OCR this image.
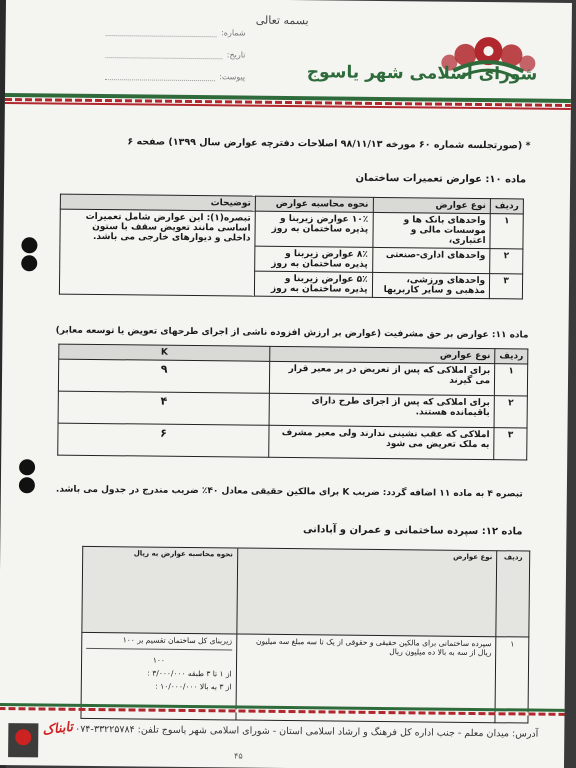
شورای اسلامی شهر یاسوج
بسمه تعالی
شماره:
تاریخ:
پیوست:
* (صورتجلسه شماره ۶۰ مورخه ۹۸/۱۱/۱۳ اصلاحات دفترچه عوارض سال ۱۳۹۹) صفحه ۶
ماده ۱۰: عوارض تعمیرات ساختمان
ردیف	نوع عوارض	نحوه محاسبه عوارض	توضیحات
۱	واحدهای بانک ها و موسسات مالی و اعتباری،	۱۰٪ عوارض زیربنا و پذیره ساختمان به روز	تبصره(۱): این عوارض شامل تعمیرات اساسی مانند تعویض سقف با ستون داخلی و دیوارهای خارجی می باشد.
۲	واحدهای اداری-صنعتی	۸٪ عوارض زیربنا و پذیره ساختمان به روز	
۳	واحدهای ورزشی، مذهبی و سایر کاربریها	۵٪ عوارض زیربنا و پذیره ساختمان به روز	
ماده ۱۱: عوارض بر حق مشرفیت (عوارض بر ارزش افزوده ناشی از اجرای طرحهای تعویض یا توسعه معابر)
ردیف	نوع عوارض	K
۱	برای املاکی که پس از تعریض در بر معبر قرار می گیرند	۹
۲	برای املاکی که پس از اجرای طرح دارای باقیمانده هستند.	۴
۳	املاکی که عقب نشینی ندارند ولی معبر مشرف به ملک تعریض می شود	۶
تبصره ۴ به ماده ۱۱ اضافه گردد: ضریب K برای مالکین حقیقی معادل ۴۰٪ ضریب مندرج در جدول می باشد.
ماده ۱۲: سپرده ساختمانی و عمران و آبادانی
ردیف	نوع عوارض	نحوه محاسبه عوارض به ریال
۱	سپرده ساختمانی برای مالکین حقیقی و حقوقی از یک تا سه مبلغ سه میلیون ریال از سه به بالا ده میلیون ریال	زیربنای کل ساختمان تقسیم بر ۱۰۰
۱۰۰
از ۱ تا ۳ طبقه ۳/۰۰۰/۰۰۰ :
از ۳ به بالا ۱۰/۰۰۰/۰۰۰ :
آدرس: میدان معلم - جنب اداره کل فرهنگ و ارشاد اسلامی استان - شورای اسلامی شهر یاسوج تلفن: ۳۳۲۲۵۷۸۴-۰۷۴
۴۵
تابناک
